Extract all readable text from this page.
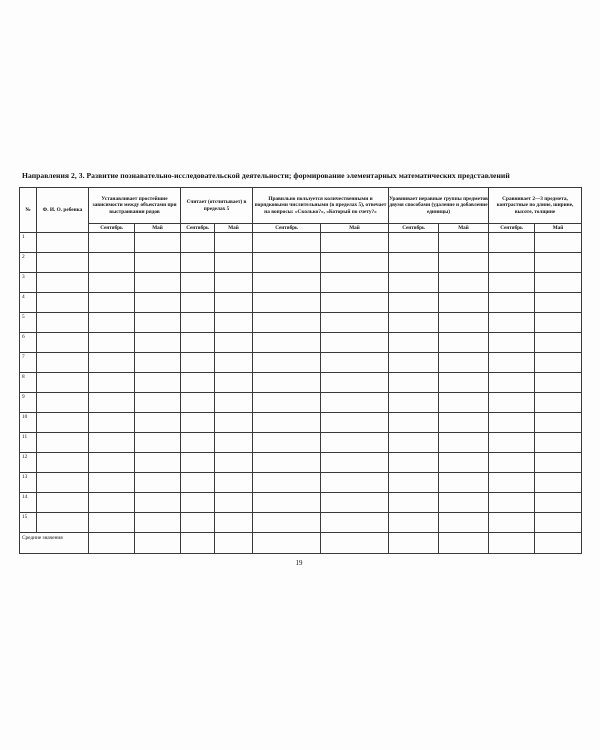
Направления 2, 3. Развитие познавательно-исследовательской деятельности; формирование элементарных математических представлений
№	Ф. И. О. ребенка	Устанавливает простейшие зависимости между объектами при выстраивании рядов		Считает (отсчитывает) в пределах 5		Правильно пользуется количественными и порядковыми числительными (в пределах 5), отвечает на вопросы: «Сколько?», «Который по счету?»		Уравнивает неравные группы предметов двумя способами (удаление и добавление единицы)		Сравнивает 2—3 предмета, контрастные по длине, ширине, высоте, толщине	
		Сентябрь	Май	Сентябрь	Май	Сентябрь	Май	Сентябрь	Май	Сентябрь	Май
1											
2											
3											
4											
5											
6											
7											
8											
9											
10											
11											
12											
13											
14											
15											
Средние значения											
19
